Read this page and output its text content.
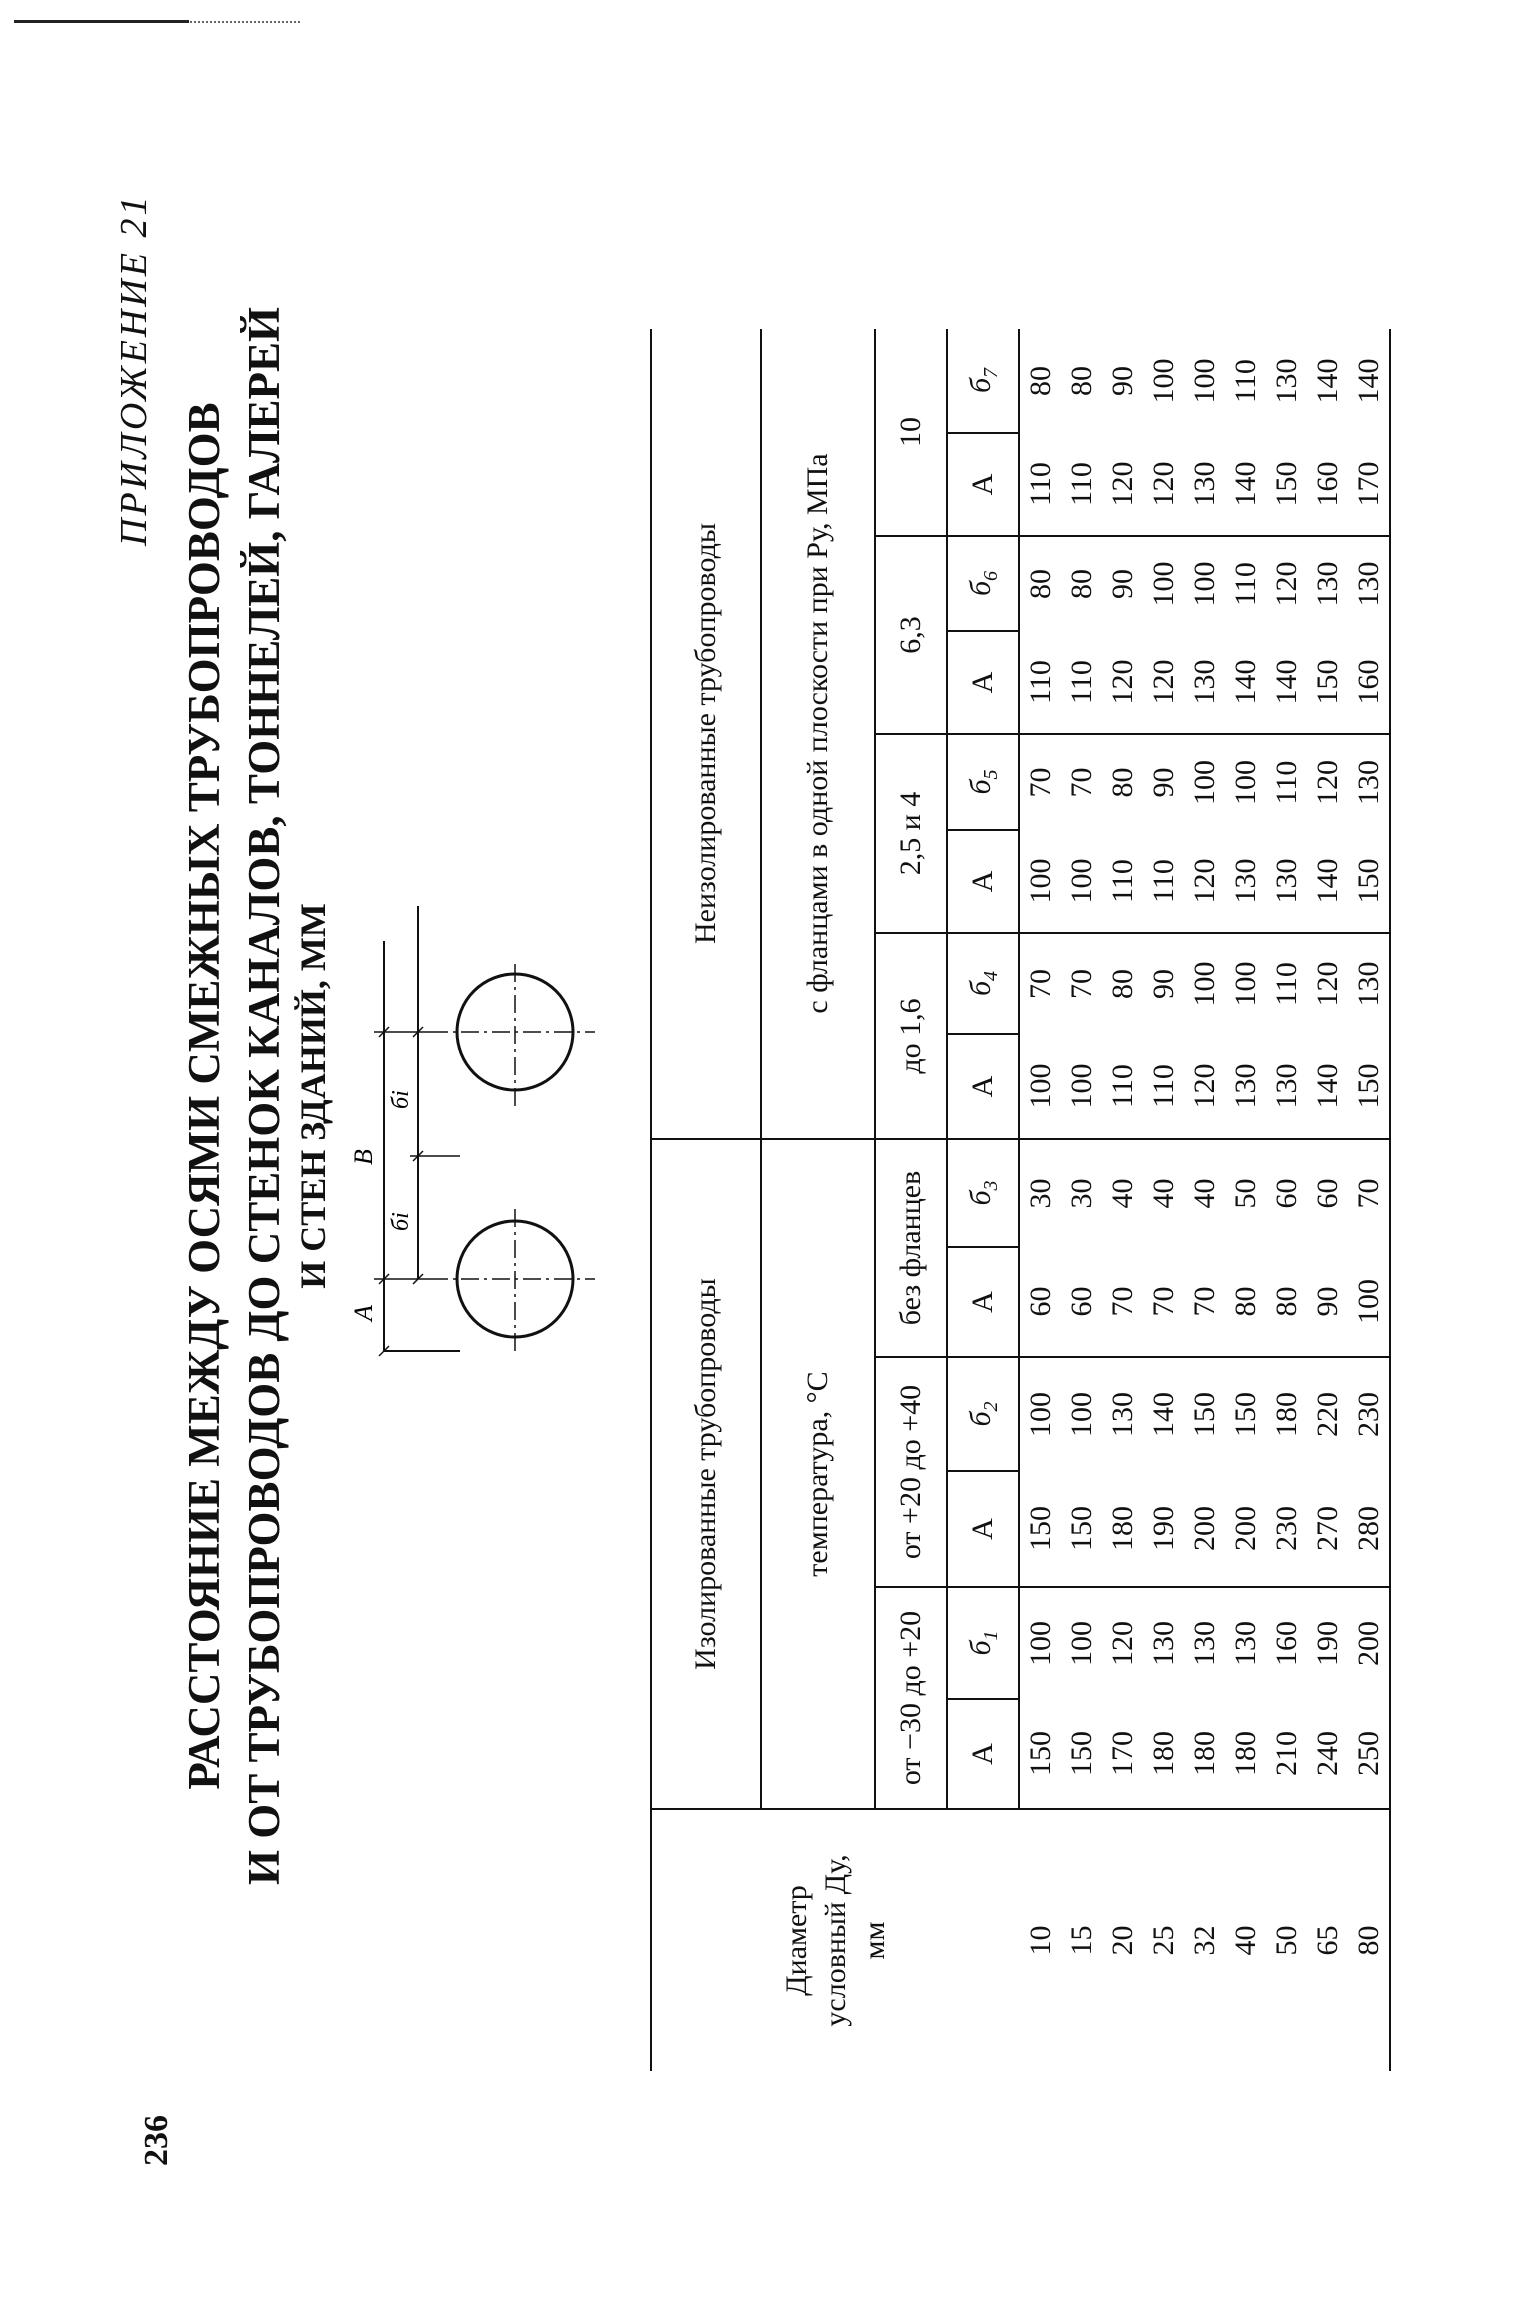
236
ПРИЛОЖЕНИЕ 21
РАССТОЯНИЕ МЕЖДУ ОСЯМИ СМЕЖНЫХ ТРУБОПРОВОДОВ И ОТ ТРУБОПРОВОДОВ ДО СТЕНОК КАНАЛОВ, ТОННЕЛЕЙ, ГАЛЕРЕЙ И СТЕН ЗДАНИЙ, ММ
А
B
бi
бi
Диаметр условный Ду, мм	Изолированные трубопроводы						Неизолированные трубопроводы							
	температура, °С						с фланцами в одной плоскости при Ру, МПа							
	от −30 до +20		от +20 до +40		без фланцев		до 1,6		2,5 и 4		6,3		10	
	А	$б_1$	А	$б_2$	А	$б_3$	А	$б_4$	А	$б_5$	А	$б_6$	А	$б_7$
10	150	100	150	100	60	30	100	70	100	70	110	80	110	80
15	150	100	150	100	60	30	100	70	100	70	110	80	110	80
20	170	120	180	130	70	40	110	80	110	80	120	90	120	90
25	180	130	190	140	70	40	110	90	110	90	120	100	120	100
32	180	130	200	150	70	40	120	100	120	100	130	100	130	100
40	180	130	200	150	80	50	130	100	130	100	140	110	140	110
50	210	160	230	180	80	60	130	110	130	110	140	120	150	130
65	240	190	270	220	90	60	140	120	140	120	150	130	160	140
80	250	200	280	230	100	70	150	130	150	130	160	130	170	140
